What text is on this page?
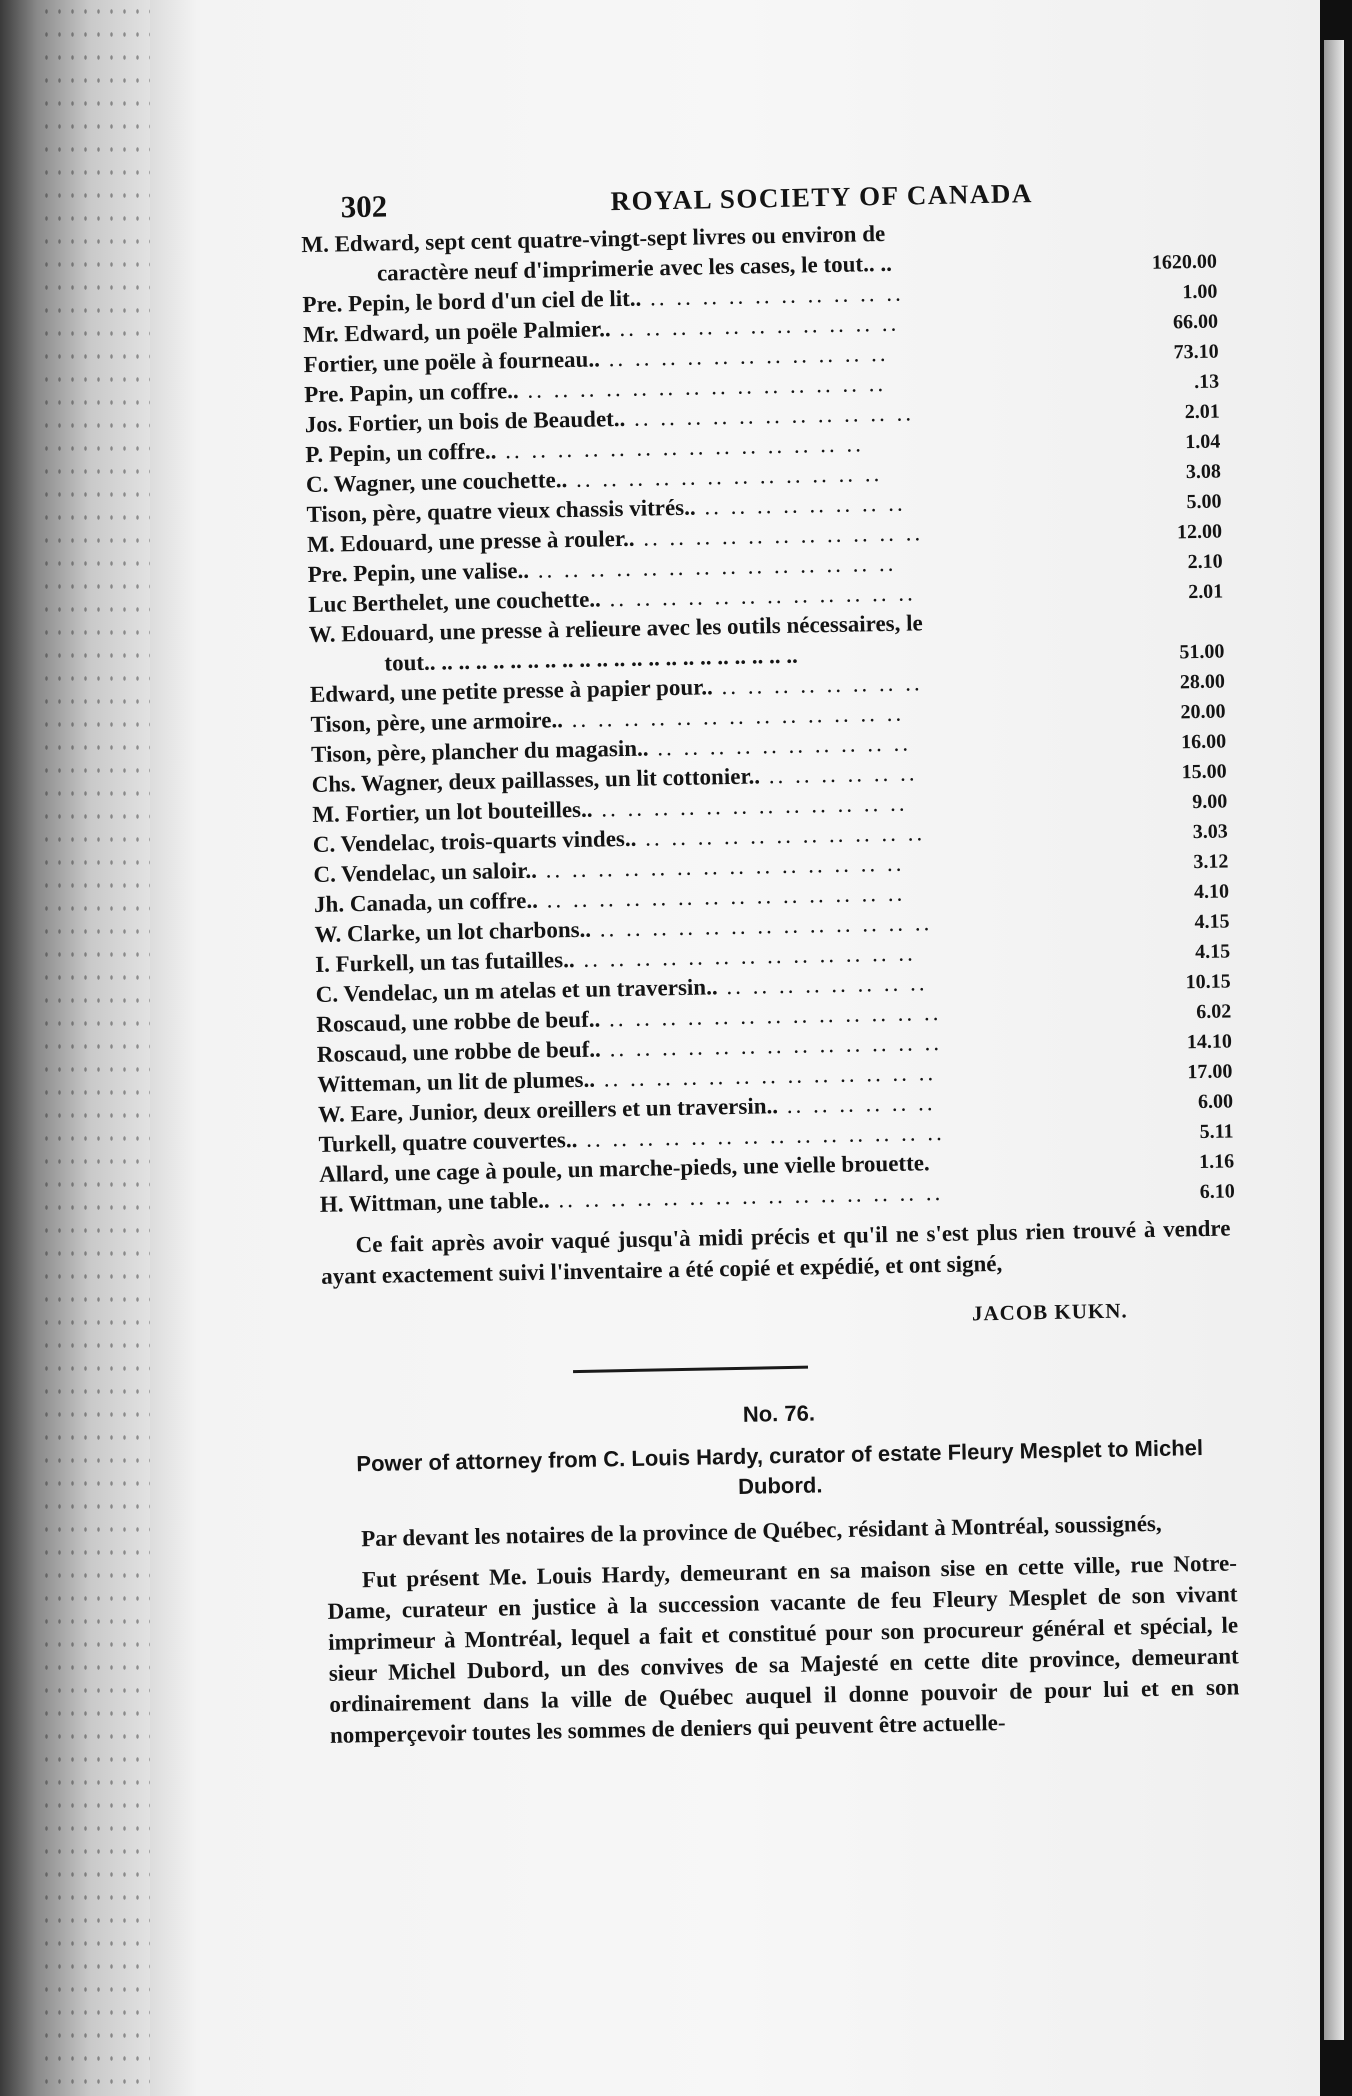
302	ROYAL SOCIETY OF CANADA
M. Edward, sept cent quatre-vingt-sept livres ou environ de
caractère neuf d'imprimerie avec les cases, le tout.. ..	1620.00
Pre. Pepin, le bord d'un ciel de lit.. .. .. .. .. .. .. .. .. .. ..	1.00
Mr. Edward, un poële Palmier.. .. .. .. .. .. .. .. .. .. .. ..	66.00
Fortier, une poële à fourneau.. .. .. .. .. .. .. .. .. .. .. ..	73.10
Pre. Papin, un coffre.. .. .. .. .. .. .. .. .. .. .. .. .. .. ..	.13
Jos. Fortier, un bois de Beaudet.. .. .. .. .. .. .. .. .. .. .. ..	2.01
P. Pepin, un coffre.. .. .. .. .. .. .. .. .. .. .. .. .. .. ..	1.04
C. Wagner, une couchette.. .. .. .. .. .. .. .. .. .. .. .. ..	3.08
Tison, père, quatre vieux chassis vitrés.. .. .. .. .. .. .. .. ..	5.00
M. Edouard, une presse à rouler.. .. .. .. .. .. .. .. .. .. .. ..	12.00
Pre. Pepin, une valise.. .. .. .. .. .. .. .. .. .. .. .. .. .. ..	2.10
Luc Berthelet, une couchette.. .. .. .. .. .. .. .. .. .. .. .. ..	2.01
W. Edouard, une presse à relieure avec les outils nécessaires, le
tout.. .. .. .. .. .. .. .. .. .. .. .. .. .. .. .. .. .. .. .. .. ..	51.00
Edward, une petite presse à papier pour.. .. .. .. .. .. .. .. ..	28.00
Tison, père, une armoire.. .. .. .. .. .. .. .. .. .. .. .. .. ..	20.00
Tison, père, plancher du magasin.. .. .. .. .. .. .. .. .. .. ..	16.00
Chs. Wagner, deux paillasses, un lit cottonier.. .. .. .. .. .. ..	15.00
M. Fortier, un lot bouteilles.. .. .. .. .. .. .. .. .. .. .. .. ..	9.00
C. Vendelac, trois-quarts vindes.. .. .. .. .. .. .. .. .. .. .. ..	3.03
C. Vendelac, un saloir.. .. .. .. .. .. .. .. .. .. .. .. .. .. ..	3.12
Jh. Canada, un coffre.. .. .. .. .. .. .. .. .. .. .. .. .. .. ..	4.10
W. Clarke, un lot charbons.. .. .. .. .. .. .. .. .. .. .. .. .. ..	4.15
I. Furkell, un tas futailles.. .. .. .. .. .. .. .. .. .. .. .. .. ..	4.15
C. Vendelac, un m atelas et un traversin.. .. .. .. .. .. .. .. ..	10.15
Roscaud, une robbe de beuf.. .. .. .. .. .. .. .. .. .. .. .. .. ..	6.02
Roscaud, une robbe de beuf.. .. .. .. .. .. .. .. .. .. .. .. .. ..	14.10
Witteman, un lit de plumes.. .. .. .. .. .. .. .. .. .. .. .. .. ..	17.00
W. Eare, Junior, deux oreillers et un traversin.. .. .. .. .. .. ..	6.00
Turkell, quatre couvertes.. .. .. .. .. .. .. .. .. .. .. .. .. .. ..	5.11
Allard, une cage à poule, un marche-pieds, une vielle brouette.	1.16
H. Wittman, une table.. .. .. .. .. .. .. .. .. .. .. .. .. .. .. ..	6.10

Ce fait après avoir vaqué jusqu'à midi précis et qu'il ne s'est plus rien trouvé à vendre ayant exactement suivi l'inventaire a été copié et expédié, et ont signé,

JACOB KUKN.
No. 76.
Power of attorney from C. Louis Hardy, curator of estate Fleury Mesplet to Michel Dubord.

Par devant les notaires de la province de Québec, résidant à Montréal, soussignés,

Fut présent Me. Louis Hardy, demeurant en sa maison sise en cette ville, rue Notre-Dame, curateur en justice à la succession vacante de feu Fleury Mesplet de son vivant imprimeur à Montréal, lequel a fait et constitué pour son procureur général et spécial, le sieur Michel Dubord, un des convives de sa Majesté en cette dite province, demeurant ordinairement dans la ville de Québec auquel il donne pouvoir de pour lui et en son nomperçevoir toutes les sommes de deniers qui peuvent être actuelle-
